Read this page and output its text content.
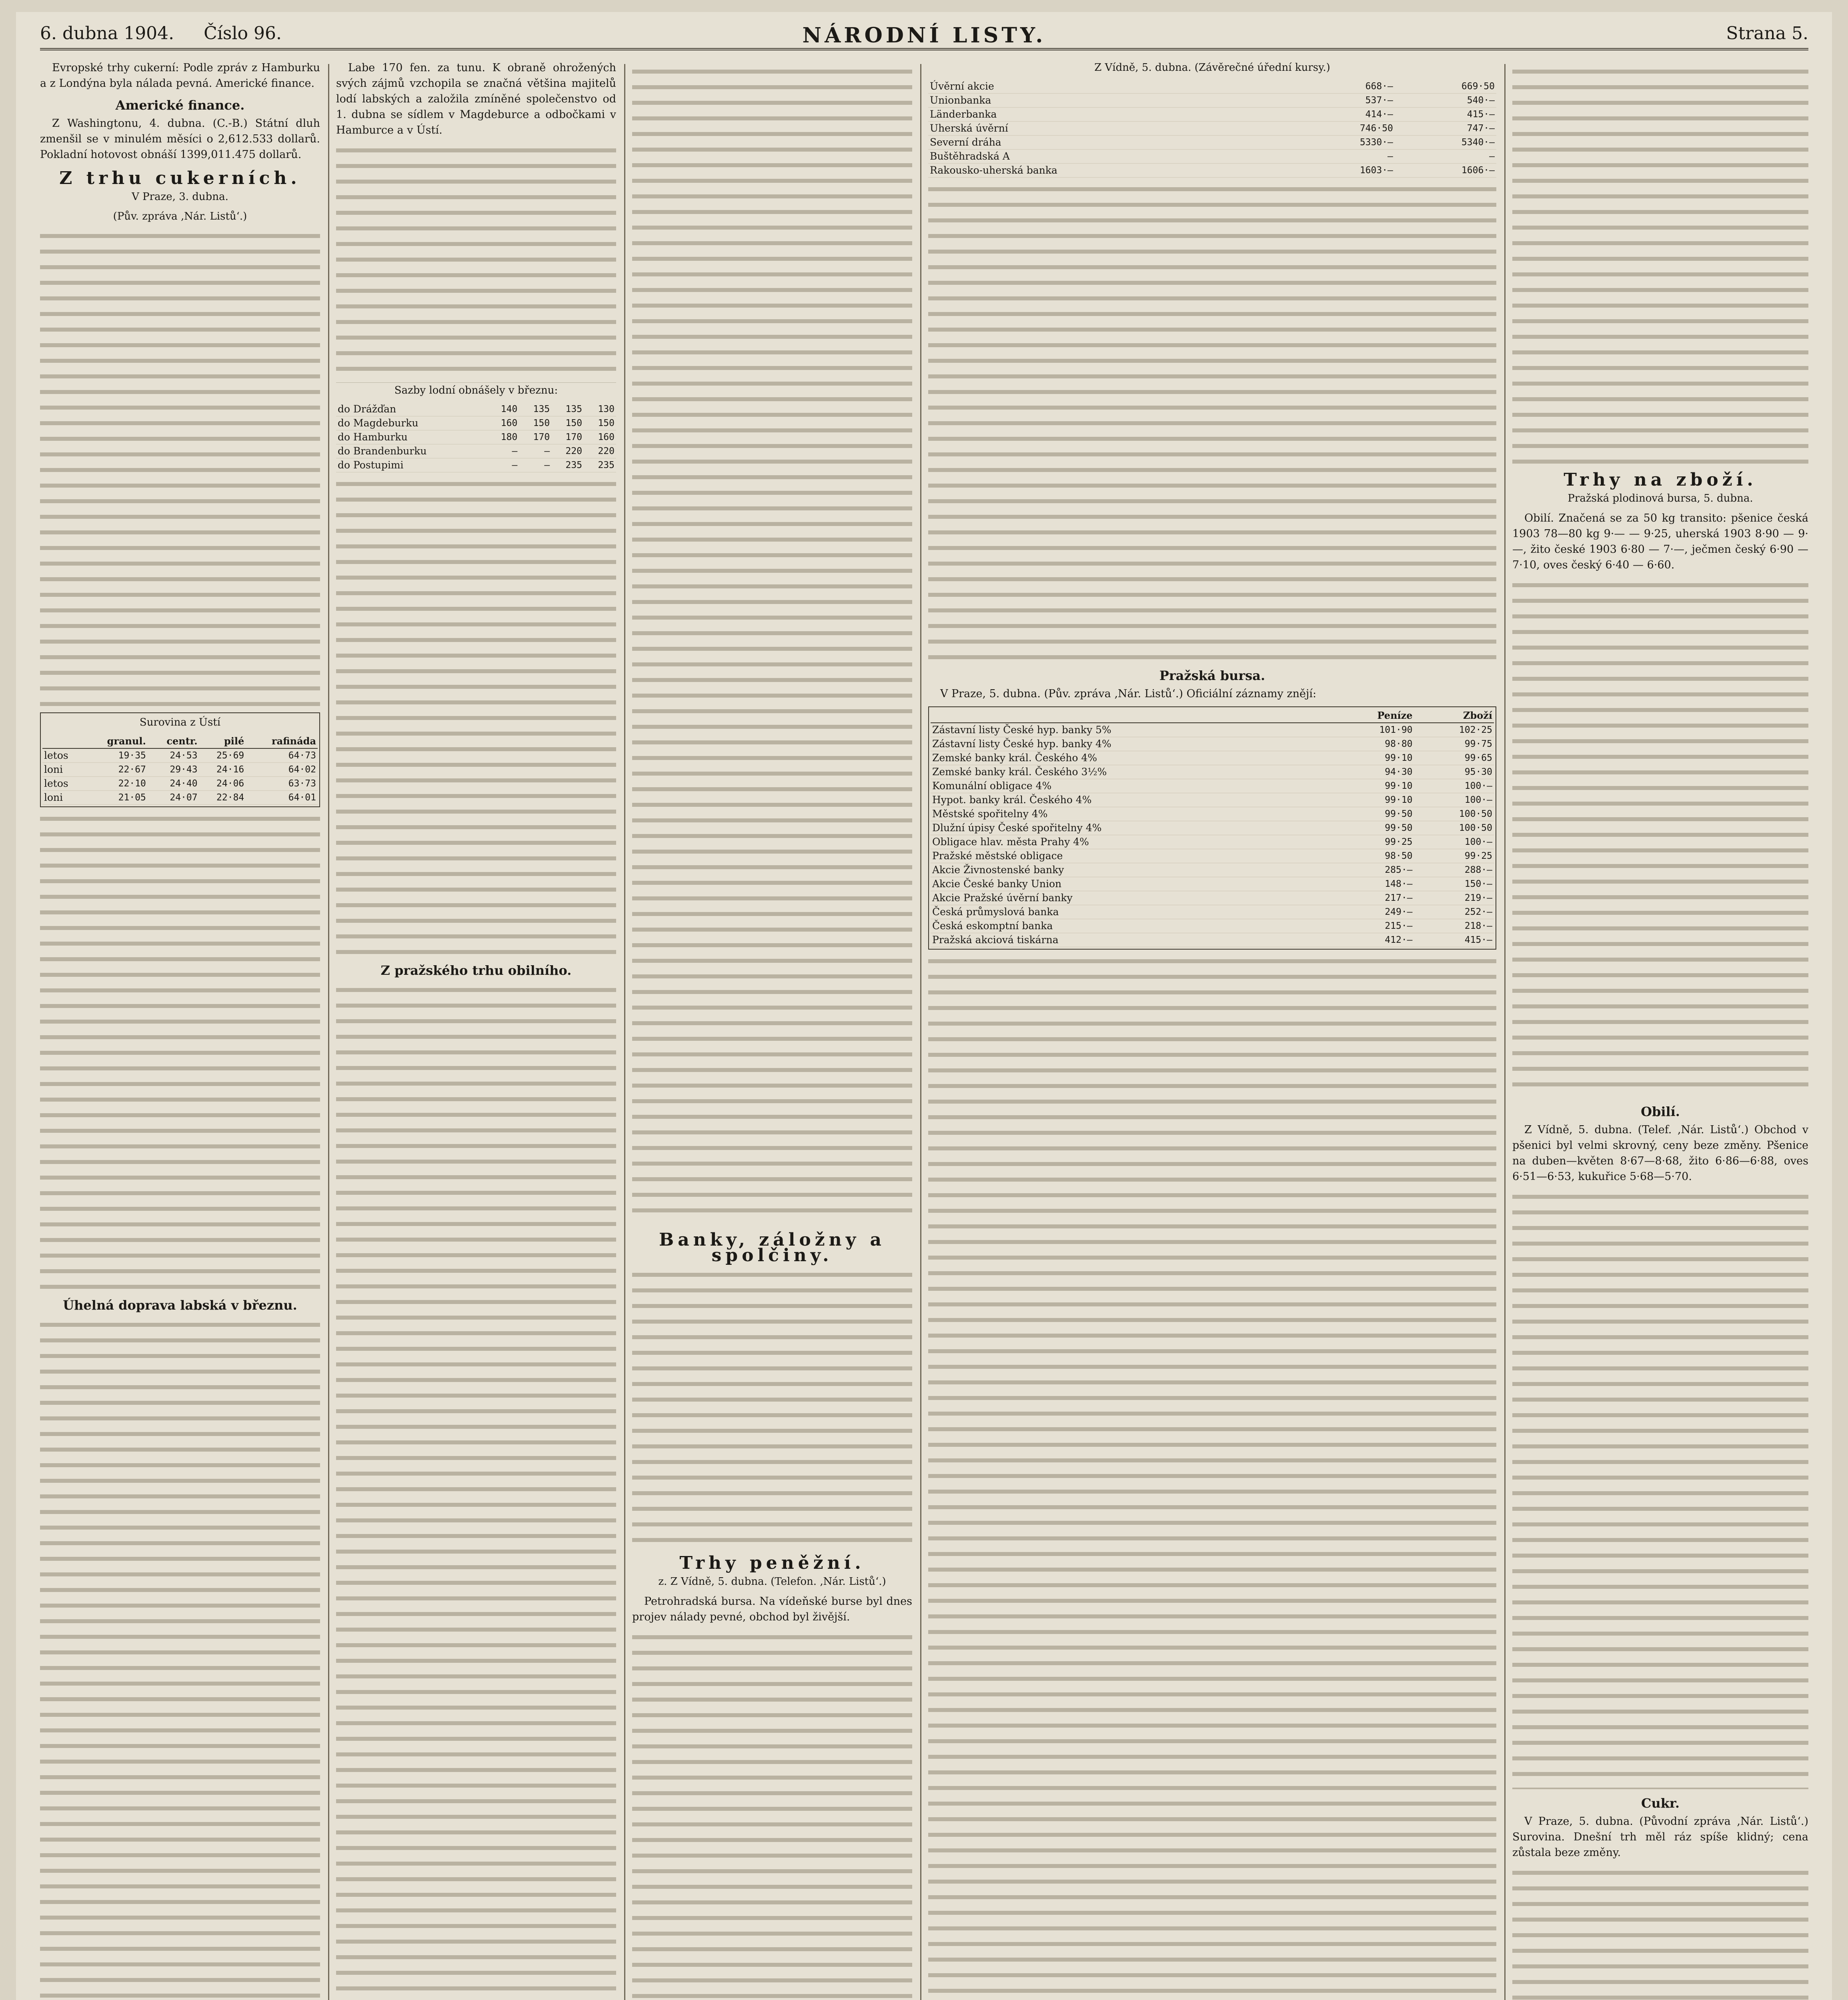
6. dubna 1904. Číslo 96.	NÁRODNÍ LISTY.	Strana 5.

Evropské trhy cukerní: Podle zpráv z Hamburku a z Londýna byla nálada pevná. Americké finance.

Americké finance.

Z Washingtonu, 4. dubna. (C.-B.) Státní dluh zmenšil se v minulém měsíci o 2,612.533 dollarů. Pokladní hotovost obnáší 1399,011.475 dollarů.

Z trhu cukerních.
V Praze, 3. dubna.
(Pův. zpráva ‚Nár. Listů‘.)
Surovina z Ústí
	granul.	centr.	pilé	rafináda
letos	19·35	24·53	25·69	64·73
loni	22·67	29·43	24·16	64·02
letos	22·10	24·40	24·06	63·73
loni	21·05	24·07	22·84	64·01
Úhelná doprava labská v březnu.

Labe 170 fen. za tunu. K obraně ohrožených svých zájmů vzchopila se značná většina majitelů lodí labských a založila zmíněné společenstvo od 1. dubna se sídlem v Magdeburce a odbočkami v Hamburce a v Ústí.

Sazby lodní obnášely v březnu:
do Drážďan	140	135	135	130
do Magdeburku	160	150	150	150
do Hamburku	180	170	170	160
do Brandenburku	—	—	220	220
do Postupimi	—	—	235	235
Z pražského trhu obilního.
Banky, záložny a spolčiny.
Trhy peněžní.
z. Z Vídně, 5. dubna. (Telefon. ‚Nár. Listů‘.)

Petrohradská bursa. Na vídeňské burse byl dnes projev nálady pevné, obchod byl živější.

Z Vídně, 5. dubna. (Závěrečné úřední kursy.)
Úvěrní akcie	668·—	669·50
Unionbanka	537·—	540·—
Länderbanka	414·—	415·—
Uherská úvěrní	746·50	747·—
Severní dráha	5330·—	5340·—
Buštěhradská A	—	—
Rakousko-uherská banka	1603·—	1606·—
Pražská bursa.

V Praze, 5. dubna. (Pův. zpráva ‚Nár. Listů‘.) Oficiální záznamy znějí:

	Peníze	Zboží
Zástavní listy České hyp. banky 5%	101·90	102·25
Zástavní listy České hyp. banky 4%	98·80	99·75
Zemské banky král. Českého 4%	99·10	99·65
Zemské banky král. Českého 3½%	94·30	95·30
Komunální obligace 4%	99·10	100·—
Hypot. banky král. Českého 4%	99·10	100·—
Městské spořitelny 4%	99·50	100·50
Dlužní úpisy České spořitelny 4%	99·50	100·50
Obligace hlav. města Prahy 4%	99·25	100·—
Pražské městské obligace	98·50	99·25
Akcie Živnostenské banky	285·—	288·—
Akcie České banky Union	148·—	150·—
Akcie Pražské úvěrní banky	217·—	219·—
Česká průmyslová banka	249·—	252·—
Česká eskomptní banka	215·—	218·—
Pražská akciová tiskárna	412·—	415·—
Trhy na zboží.
Pražská plodinová bursa, 5. dubna.

Obilí. Značená se za 50 kg transito: pšenice česká 1903 78—80 kg 9·— — 9·25, uherská 1903 8·90 — 9·—, žito české 1903 6·80 — 7·—, ječmen český 6·90 — 7·10, oves český 6·40 — 6·60.

Obilí.

Z Vídně, 5. dubna. (Telef. ‚Nár. Listů‘.) Obchod v pšenici byl velmi skrovný, ceny beze změny. Pšenice na duben—květen 8·67—8·68, žito 6·86—6·88, oves 6·51—6·53, kukuřice 5·68—5·70.

Cukr.

V Praze, 5. dubna. (Původní zpráva ‚Nár. Listů‘.) Surovina. Dnešní trh měl ráz spíše klidný; cena zůstala beze změny.
